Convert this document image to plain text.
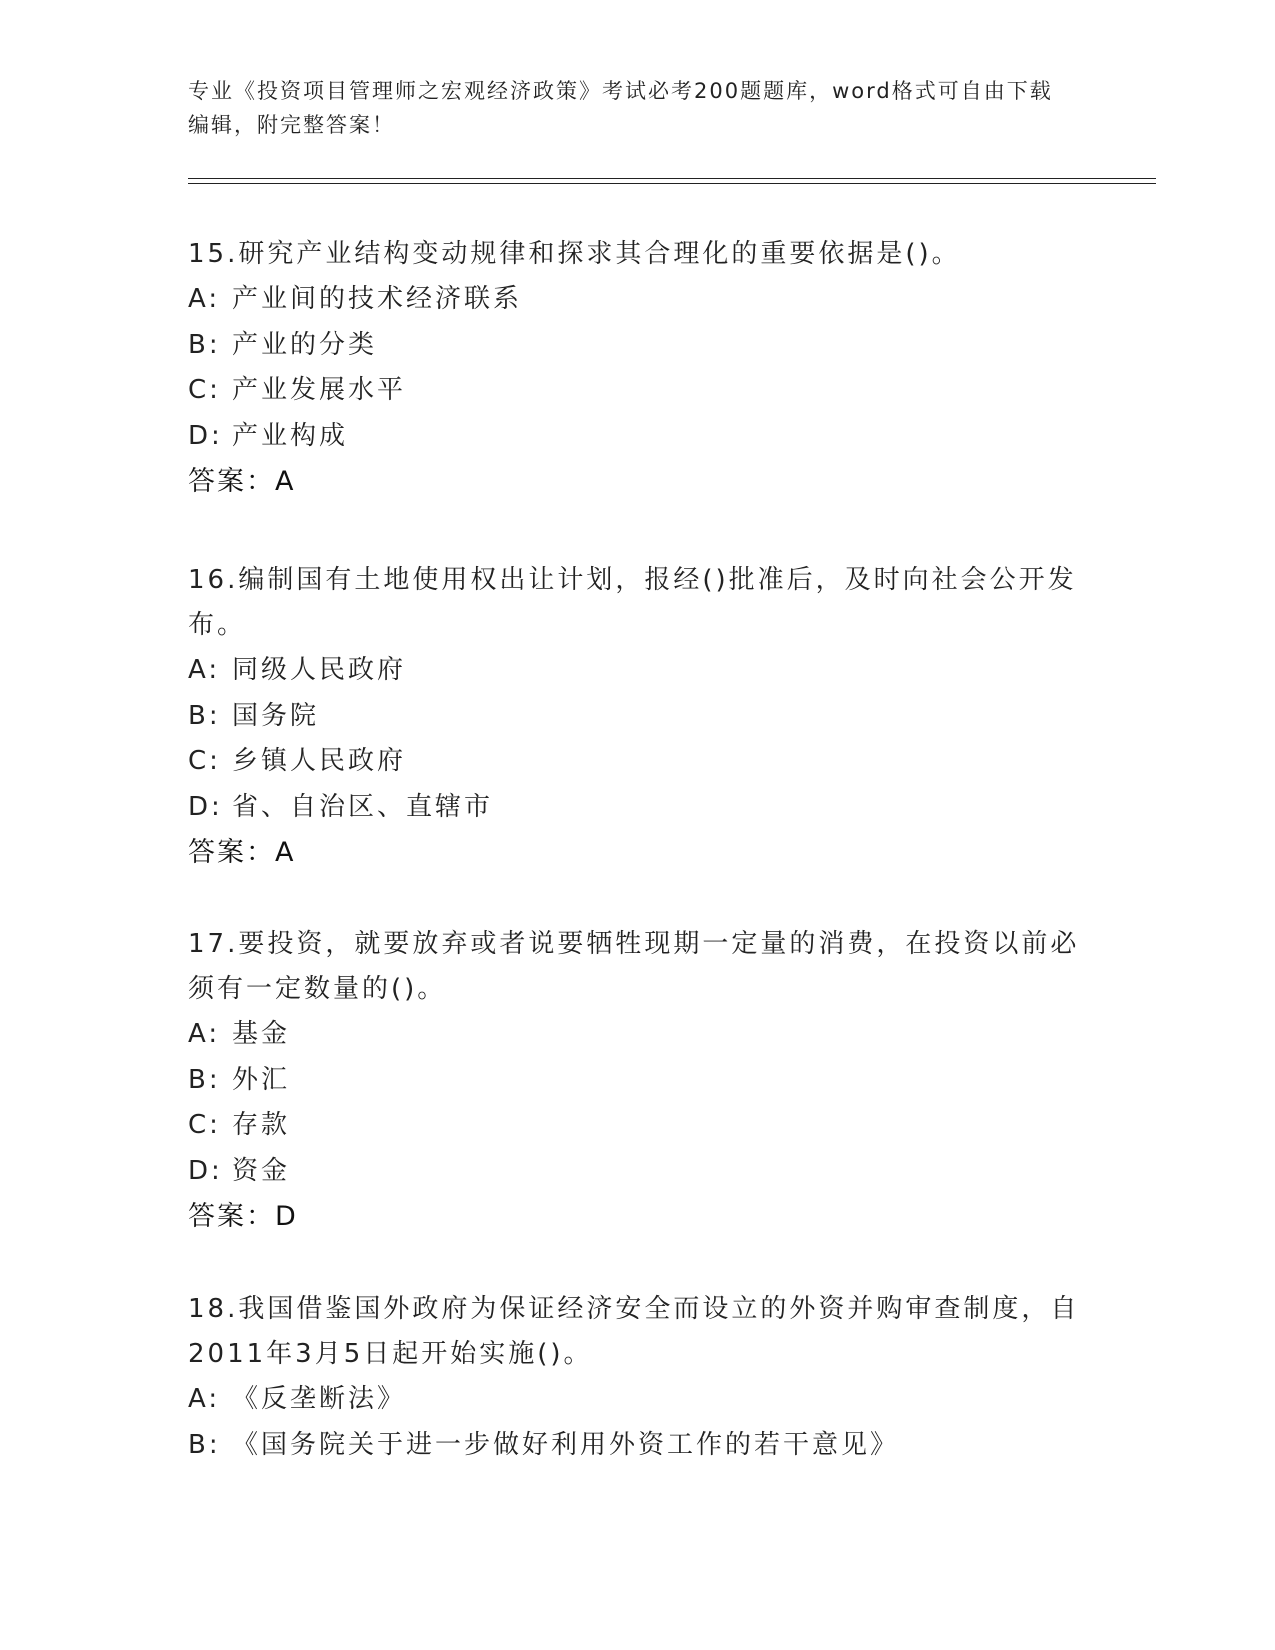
专业《投资项目管理师之宏观经济政策》考试必考200题题库，word格式可自由下载编辑，附完整答案！

15.研究产业结构变动规律和探求其合理化的重要依据是()。

A: 产业间的技术经济联系

B: 产业的分类

C: 产业发展水平

D: 产业构成

答案：A

16.编制国有土地使用权出让计划，报经()批准后，及时向社会公开发布。

A: 同级人民政府

B: 国务院

C: 乡镇人民政府

D: 省、自治区、直辖市

答案：A

17.要投资，就要放弃或者说要牺牲现期一定量的消费，在投资以前必须有一定数量的()。

A: 基金

B: 外汇

C: 存款

D: 资金

答案：D

18.我国借鉴国外政府为保证经济安全而设立的外资并购审查制度，自2011年3月5日起开始实施()。

A: 《反垄断法》

B: 《国务院关于进一步做好利用外资工作的若干意见》
